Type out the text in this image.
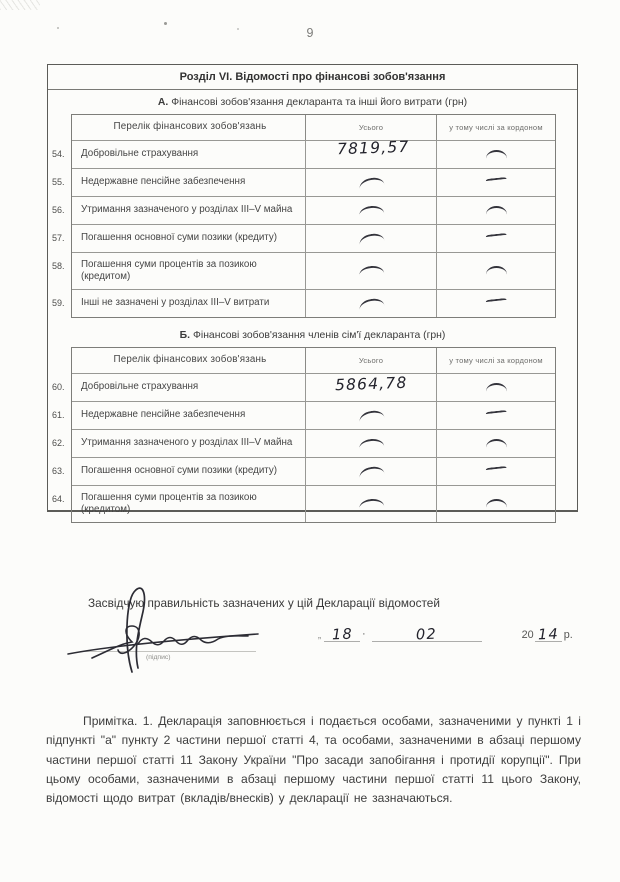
9
Розділ VI. Відомості про фінансові зобов'язання
А. Фінансові зобов'язання декларанта та інші його витрати (грн)
Перелік фінансових зобов'язань	Усього	у тому числі за кордоном
54.	Добровільне страхування	7819,57
55.	Недержавне пенсійне забезпечення
56.	Утримання зазначеного у розділах III–V майна
57.	Погашення основної суми позики (кредиту)
58.	Погашення суми процентів за позикою (кредитом)
59.	Інші не зазначені у розділах III–V витрати
Б. Фінансові зобов'язання членів сім'ї декларанта (грн)
Перелік фінансових зобов'язань	Усього	у тому числі за кордоном
60.	Добровільне страхування	5864,78
61.	Недержавне пенсійне забезпечення
62.	Утримання зазначеного у розділах III–V майна
63.	Погашення основної суми позики (кредиту)
64.	Погашення суми процентів за позикою (кредитом)
Засвідчую правильність зазначених у цій Декларації відомостей
(підпис)
„ 18 ·	02	20 14 р.
Примітка. 1. Декларація заповнюється і подається особами, зазначеними у пункті 1 і підпункті "а" пункту 2 частини першої статті 4, та особами, зазначеними в абзаці першому частини першої статті 11 Закону України "Про засади запобігання і протидії корупції". При цьому особами, зазначеними в абзаці першому частини першої статті 11 цього Закону, відомості щодо витрат (вкладів/внесків) у декларації не зазначаються.
